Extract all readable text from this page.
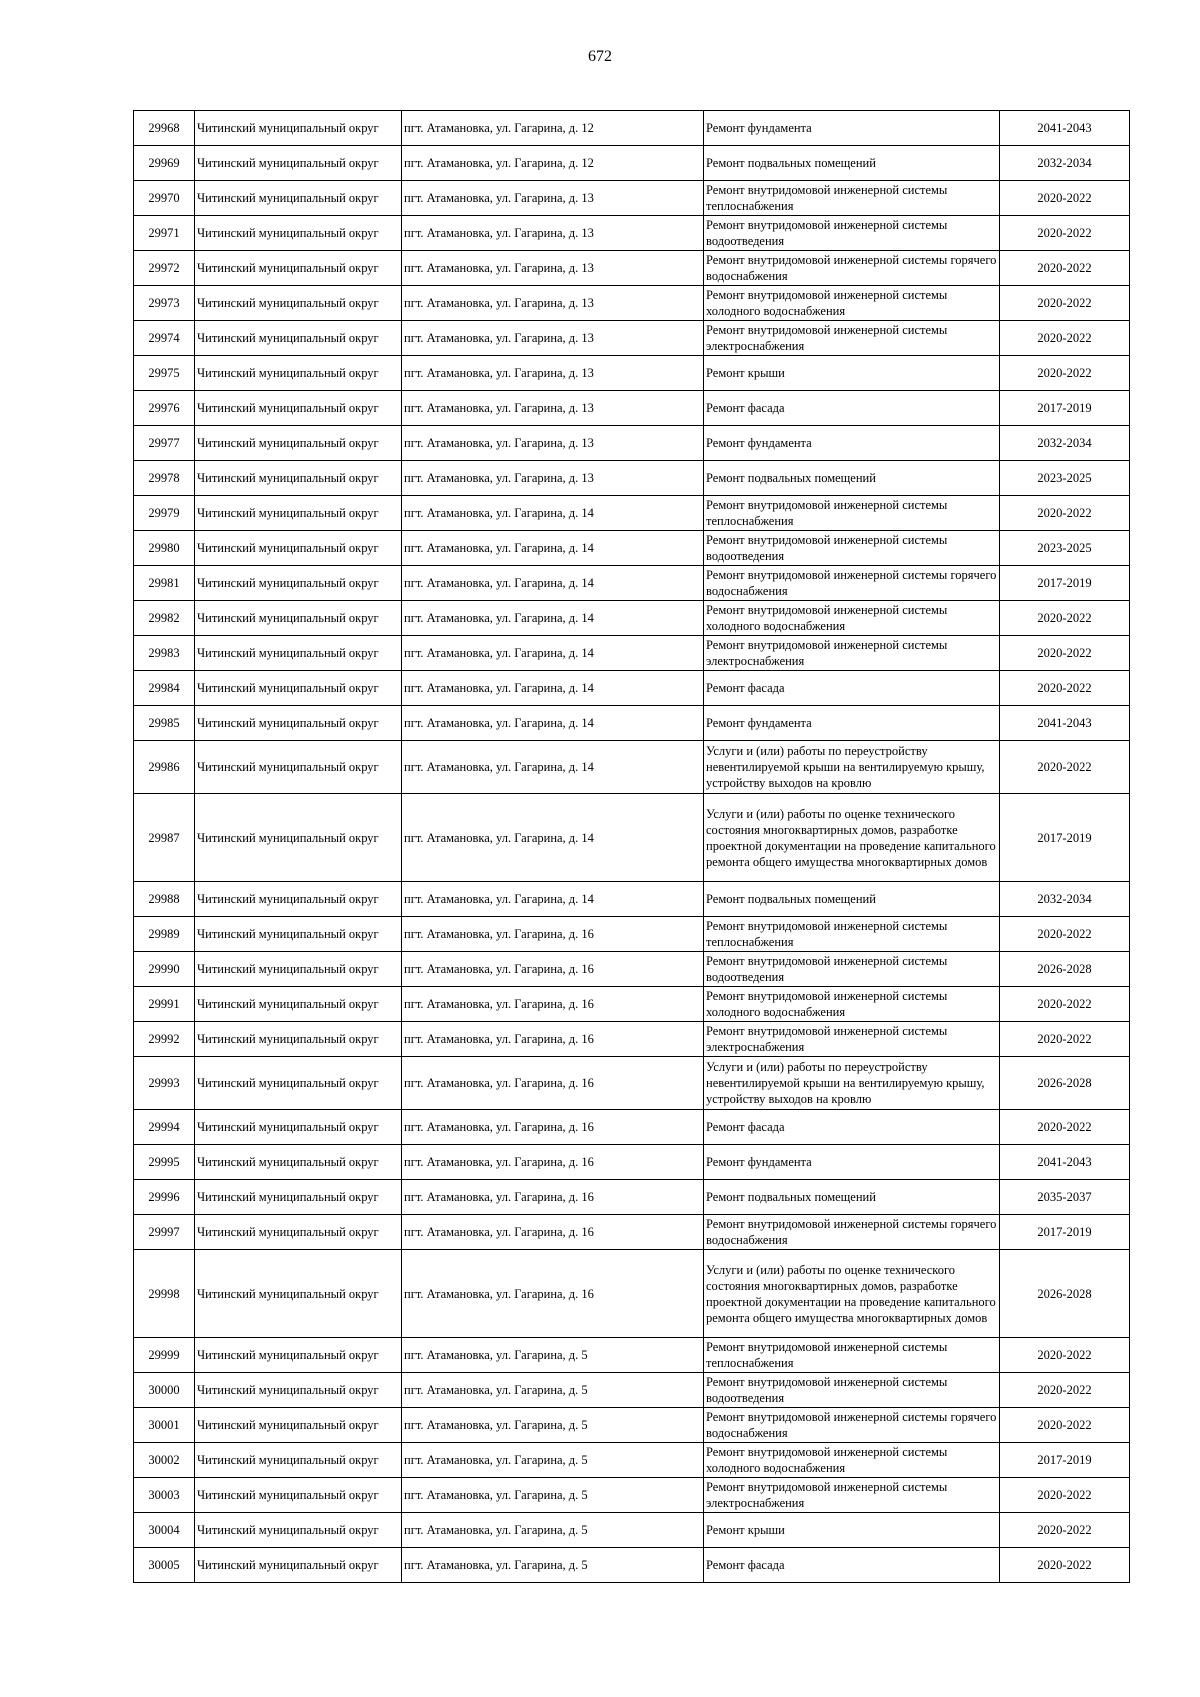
672
29968	Читинский муниципальный округ	пгт. Атамановка, ул. Гагарина, д. 12	Ремонт фундамента	2041-2043
29969	Читинский муниципальный округ	пгт. Атамановка, ул. Гагарина, д. 12	Ремонт подвальных помещений	2032-2034
29970	Читинский муниципальный округ	пгт. Атамановка, ул. Гагарина, д. 13	Ремонт внутридомовой инженерной системы теплоснабжения	2020-2022
29971	Читинский муниципальный округ	пгт. Атамановка, ул. Гагарина, д. 13	Ремонт внутридомовой инженерной системы водоотведения	2020-2022
29972	Читинский муниципальный округ	пгт. Атамановка, ул. Гагарина, д. 13	Ремонт внутридомовой инженерной системы горячего водоснабжения	2020-2022
29973	Читинский муниципальный округ	пгт. Атамановка, ул. Гагарина, д. 13	Ремонт внутридомовой инженерной системы холодного водоснабжения	2020-2022
29974	Читинский муниципальный округ	пгт. Атамановка, ул. Гагарина, д. 13	Ремонт внутридомовой инженерной системы электроснабжения	2020-2022
29975	Читинский муниципальный округ	пгт. Атамановка, ул. Гагарина, д. 13	Ремонт крыши	2020-2022
29976	Читинский муниципальный округ	пгт. Атамановка, ул. Гагарина, д. 13	Ремонт фасада	2017-2019
29977	Читинский муниципальный округ	пгт. Атамановка, ул. Гагарина, д. 13	Ремонт фундамента	2032-2034
29978	Читинский муниципальный округ	пгт. Атамановка, ул. Гагарина, д. 13	Ремонт подвальных помещений	2023-2025
29979	Читинский муниципальный округ	пгт. Атамановка, ул. Гагарина, д. 14	Ремонт внутридомовой инженерной системы теплоснабжения	2020-2022
29980	Читинский муниципальный округ	пгт. Атамановка, ул. Гагарина, д. 14	Ремонт внутридомовой инженерной системы водоотведения	2023-2025
29981	Читинский муниципальный округ	пгт. Атамановка, ул. Гагарина, д. 14	Ремонт внутридомовой инженерной системы горячего водоснабжения	2017-2019
29982	Читинский муниципальный округ	пгт. Атамановка, ул. Гагарина, д. 14	Ремонт внутридомовой инженерной системы холодного водоснабжения	2020-2022
29983	Читинский муниципальный округ	пгт. Атамановка, ул. Гагарина, д. 14	Ремонт внутридомовой инженерной системы электроснабжения	2020-2022
29984	Читинский муниципальный округ	пгт. Атамановка, ул. Гагарина, д. 14	Ремонт фасада	2020-2022
29985	Читинский муниципальный округ	пгт. Атамановка, ул. Гагарина, д. 14	Ремонт фундамента	2041-2043
29986	Читинский муниципальный округ	пгт. Атамановка, ул. Гагарина, д. 14	Услуги и (или) работы по переустройству невентилируемой крыши на вентилируемую крышу, устройству выходов на кровлю	2020-2022
29987	Читинский муниципальный округ	пгт. Атамановка, ул. Гагарина, д. 14	Услуги и (или) работы по оценке технического состояния многоквартирных домов, разработке проектной документации на проведение капитального ремонта общего имущества многоквартирных домов	2017-2019
29988	Читинский муниципальный округ	пгт. Атамановка, ул. Гагарина, д. 14	Ремонт подвальных помещений	2032-2034
29989	Читинский муниципальный округ	пгт. Атамановка, ул. Гагарина, д. 16	Ремонт внутридомовой инженерной системы теплоснабжения	2020-2022
29990	Читинский муниципальный округ	пгт. Атамановка, ул. Гагарина, д. 16	Ремонт внутридомовой инженерной системы водоотведения	2026-2028
29991	Читинский муниципальный округ	пгт. Атамановка, ул. Гагарина, д. 16	Ремонт внутридомовой инженерной системы холодного водоснабжения	2020-2022
29992	Читинский муниципальный округ	пгт. Атамановка, ул. Гагарина, д. 16	Ремонт внутридомовой инженерной системы электроснабжения	2020-2022
29993	Читинский муниципальный округ	пгт. Атамановка, ул. Гагарина, д. 16	Услуги и (или) работы по переустройству невентилируемой крыши на вентилируемую крышу, устройству выходов на кровлю	2026-2028
29994	Читинский муниципальный округ	пгт. Атамановка, ул. Гагарина, д. 16	Ремонт фасада	2020-2022
29995	Читинский муниципальный округ	пгт. Атамановка, ул. Гагарина, д. 16	Ремонт фундамента	2041-2043
29996	Читинский муниципальный округ	пгт. Атамановка, ул. Гагарина, д. 16	Ремонт подвальных помещений	2035-2037
29997	Читинский муниципальный округ	пгт. Атамановка, ул. Гагарина, д. 16	Ремонт внутридомовой инженерной системы горячего водоснабжения	2017-2019
29998	Читинский муниципальный округ	пгт. Атамановка, ул. Гагарина, д. 16	Услуги и (или) работы по оценке технического состояния многоквартирных домов, разработке проектной документации на проведение капитального ремонта общего имущества многоквартирных домов	2026-2028
29999	Читинский муниципальный округ	пгт. Атамановка, ул. Гагарина, д. 5	Ремонт внутридомовой инженерной системы теплоснабжения	2020-2022
30000	Читинский муниципальный округ	пгт. Атамановка, ул. Гагарина, д. 5	Ремонт внутридомовой инженерной системы водоотведения	2020-2022
30001	Читинский муниципальный округ	пгт. Атамановка, ул. Гагарина, д. 5	Ремонт внутридомовой инженерной системы горячего водоснабжения	2020-2022
30002	Читинский муниципальный округ	пгт. Атамановка, ул. Гагарина, д. 5	Ремонт внутридомовой инженерной системы холодного водоснабжения	2017-2019
30003	Читинский муниципальный округ	пгт. Атамановка, ул. Гагарина, д. 5	Ремонт внутридомовой инженерной системы электроснабжения	2020-2022
30004	Читинский муниципальный округ	пгт. Атамановка, ул. Гагарина, д. 5	Ремонт крыши	2020-2022
30005	Читинский муниципальный округ	пгт. Атамановка, ул. Гагарина, д. 5	Ремонт фасада	2020-2022
